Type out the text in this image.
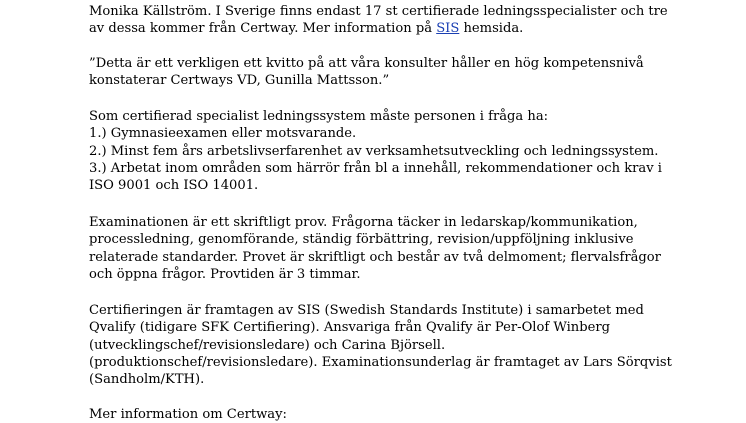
Monika Källström. I Sverige finns endast 17 st certifierade ledningsspecialister och tre
av dessa kommer från Certway. Mer information på SIS hemsida.
”Detta är ett verkligen ett kvitto på att våra konsulter håller en hög kompetensnivå
konstaterar Certways VD, Gunilla Mattsson.”
Som certifierad specialist ledningssystem måste personen i fråga ha:
1.) Gymnasieexamen eller motsvarande.
2.) Minst fem års arbetslivserfarenhet av verksamhetsutveckling och ledningssystem.
3.) Arbetat inom områden som härrör från bl a innehåll, rekommendationer och krav i
ISO 9001 och ISO 14001.
Examinationen är ett skriftligt prov. Frågorna täcker in ledarskap/kommunikation,
processledning, genomförande, ständig förbättring, revision/uppföljning inklusive
relaterade standarder. Provet är skriftligt och består av två delmoment; flervalsfrågor
och öppna frågor. Provtiden är 3 timmar.
Certifieringen är framtagen av SIS (Swedish Standards Institute) i samarbetet med
Qvalify (tidigare SFK Certifiering). Ansvariga från Qvalify är Per-Olof Winberg
(utvecklingschef/revisionsledare) och Carina Björsell.
(produktionschef/revisionsledare). Examinationsunderlag är framtaget av Lars Sörqvist
(Sandholm/KTH).
Mer information om Certway:
